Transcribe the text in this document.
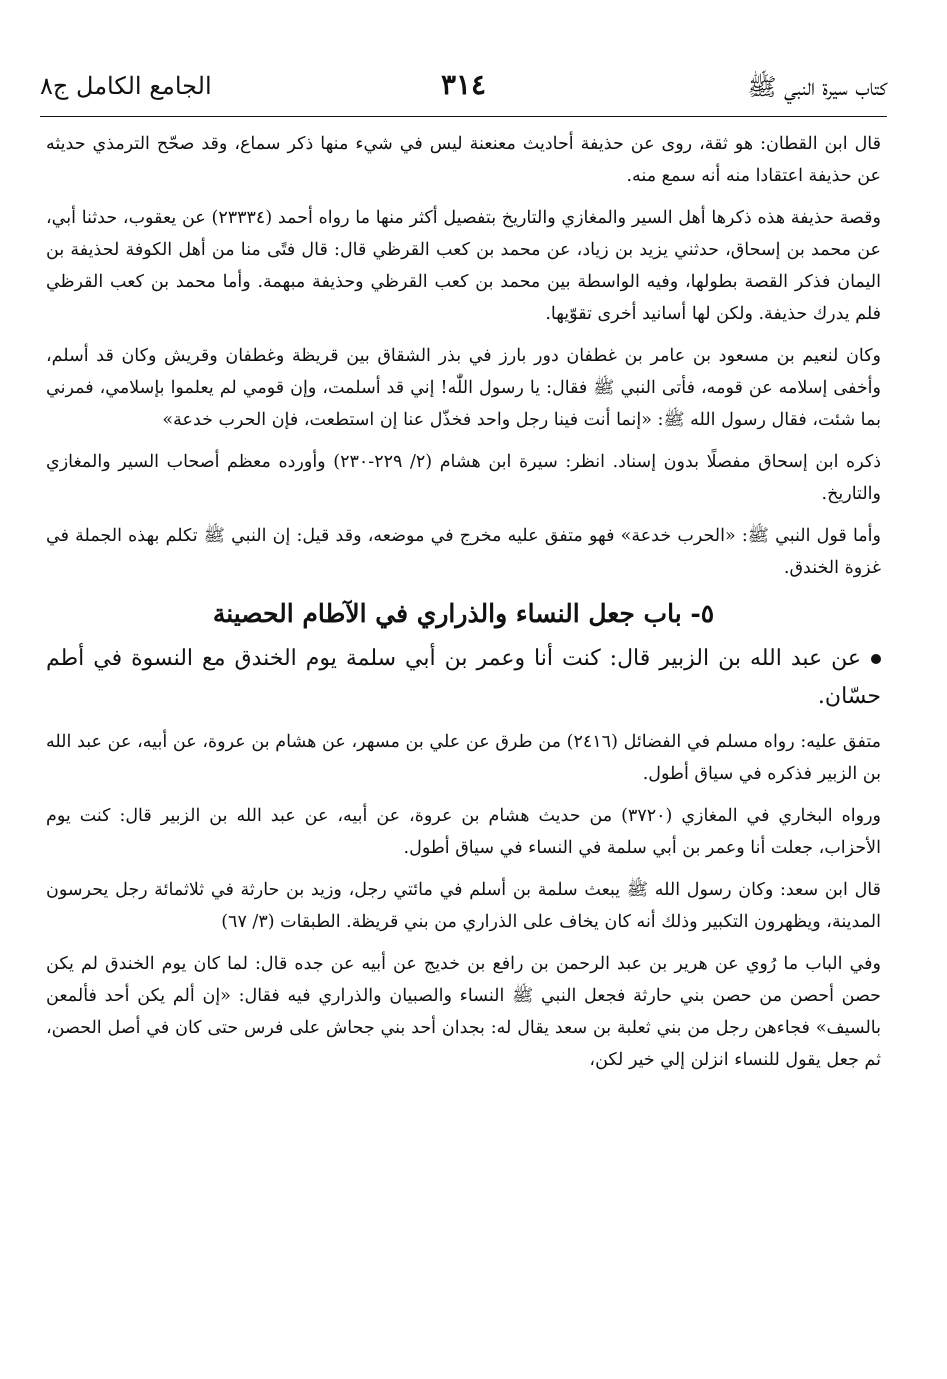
كتاب سيرة النبي ﷺ
٣١٤
الجامع الكامل ج٨

قال ابن القطان: هو ثقة، روى عن حذيفة أحاديث معنعنة ليس في شيء منها ذكر سماع، وقد صحّح الترمذي حديثه عن حذيفة اعتقادا منه أنه سمع منه.

وقصة حذيفة هذه ذكرها أهل السير والمغازي والتاريخ بتفصيل أكثر منها ما رواه أحمد (٢٣٣٣٤) عن يعقوب، حدثنا أبي، عن محمد بن إسحاق، حدثني يزيد بن زياد، عن محمد بن كعب القرظي قال: قال فتًى منا من أهل الكوفة لحذيفة بن اليمان فذكر القصة بطولها، وفيه الواسطة بين محمد بن كعب القرظي وحذيفة مبهمة. وأما محمد بن كعب القرظي فلم يدرك حذيفة. ولكن لها أسانيد أخرى تقوّيها.

وكان لنعيم بن مسعود بن عامر بن غطفان دور بارز في بذر الشقاق بين قريظة وغطفان وقريش وكان قد أسلم، وأخفى إسلامه عن قومه، فأتى النبي ﷺ فقال: يا رسول اللّٰه! إني قد أسلمت، وإن قومي لم يعلموا بإسلامي، فمرني بما شئت، فقال رسول الله ﷺ: «إنما أنت فينا رجل واحد فخذّل عنا إن استطعت، فإن الحرب خدعة»

ذكره ابن إسحاق مفصلًا بدون إسناد. انظر: سيرة ابن هشام (٢/ ٢٢٩-٢٣٠) وأورده معظم أصحاب السير والمغازي والتاريخ.

وأما قول النبي ﷺ: «الحرب خدعة» فهو متفق عليه مخرج في موضعه، وقد قيل: إن النبي ﷺ تكلم بهذه الجملة في غزوة الخندق.

٥- باب جعل النساء والذراري في الآطام الحصينة

عن عبد الله بن الزبير قال: كنت أنا وعمر بن أبي سلمة يوم الخندق مع النسوة في أطم حسّان.

متفق عليه: رواه مسلم في الفضائل (٢٤١٦) من طرق عن علي بن مسهر، عن هشام بن عروة، عن أبيه، عن عبد الله بن الزبير فذكره في سياق أطول.

ورواه البخاري في المغازي (٣٧٢٠) من حديث هشام بن عروة، عن أبيه، عن عبد الله بن الزبير قال: كنت يوم الأحزاب، جعلت أنا وعمر بن أبي سلمة في النساء في سياق أطول.

قال ابن سعد: وكان رسول الله ﷺ يبعث سلمة بن أسلم في مائتي رجل، وزيد بن حارثة في ثلاثمائة رجل يحرسون المدينة، ويظهرون التكبير وذلك أنه كان يخاف على الذراري من بني قريظة. الطبقات (٣/ ٦٧)

وفي الباب ما رُوي عن هرير بن عبد الرحمن بن رافع بن خديج عن أبيه عن جده قال: لما كان يوم الخندق لم يكن حصن أحصن من حصن بني حارثة فجعل النبي ﷺ النساء والصبيان والذراري فيه فقال: «إن ألم يكن أحد فألمعن بالسيف» فجاءهن رجل من بني ثعلبة بن سعد يقال له: بجدان أحد بني جحاش على فرس حتى كان في أصل الحصن، ثم جعل يقول للنساء انزلن إلي خير لكن،
